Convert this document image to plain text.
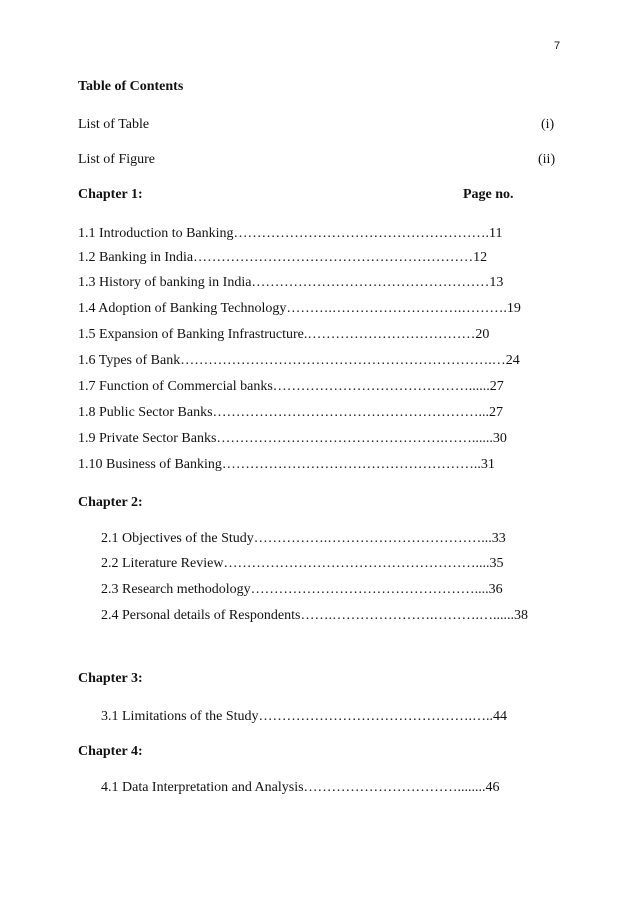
7
Table of Contents
List of Table	(i)
List of Figure	(ii)
Chapter 1:	Page no.
1.1 Introduction to Banking……………………………………………….11
1.2 Banking in India……………………………………………………12
1.3 History of banking in India……………………………………………13
1.4 Adoption of Banking Technology……….……………………….……….19
1.5 Expansion of Banking Infrastructure.………………………………20
1.6 Types of Bank………………………………………………………….…24
1.7 Function of Commercial banks……………………………………......27
1.8 Public Sector Banks…………………………………………………...27
1.9 Private Sector Banks………………………………………….……......30
1.10 Business of Banking………………………………………………..31
Chapter 2:
2.1 Objectives of the Study…………….……………………………...33
2.2 Literature Review………………………………………………....35
2.3 Research methodology…………………………………………....36
2.4 Personal details of Respondents…….………………….……….…......38
Chapter 3:
3.1 Limitations of the Study……………………………………….…..44
Chapter 4:
4.1 Data Interpretation and Analysis……………………………........46
